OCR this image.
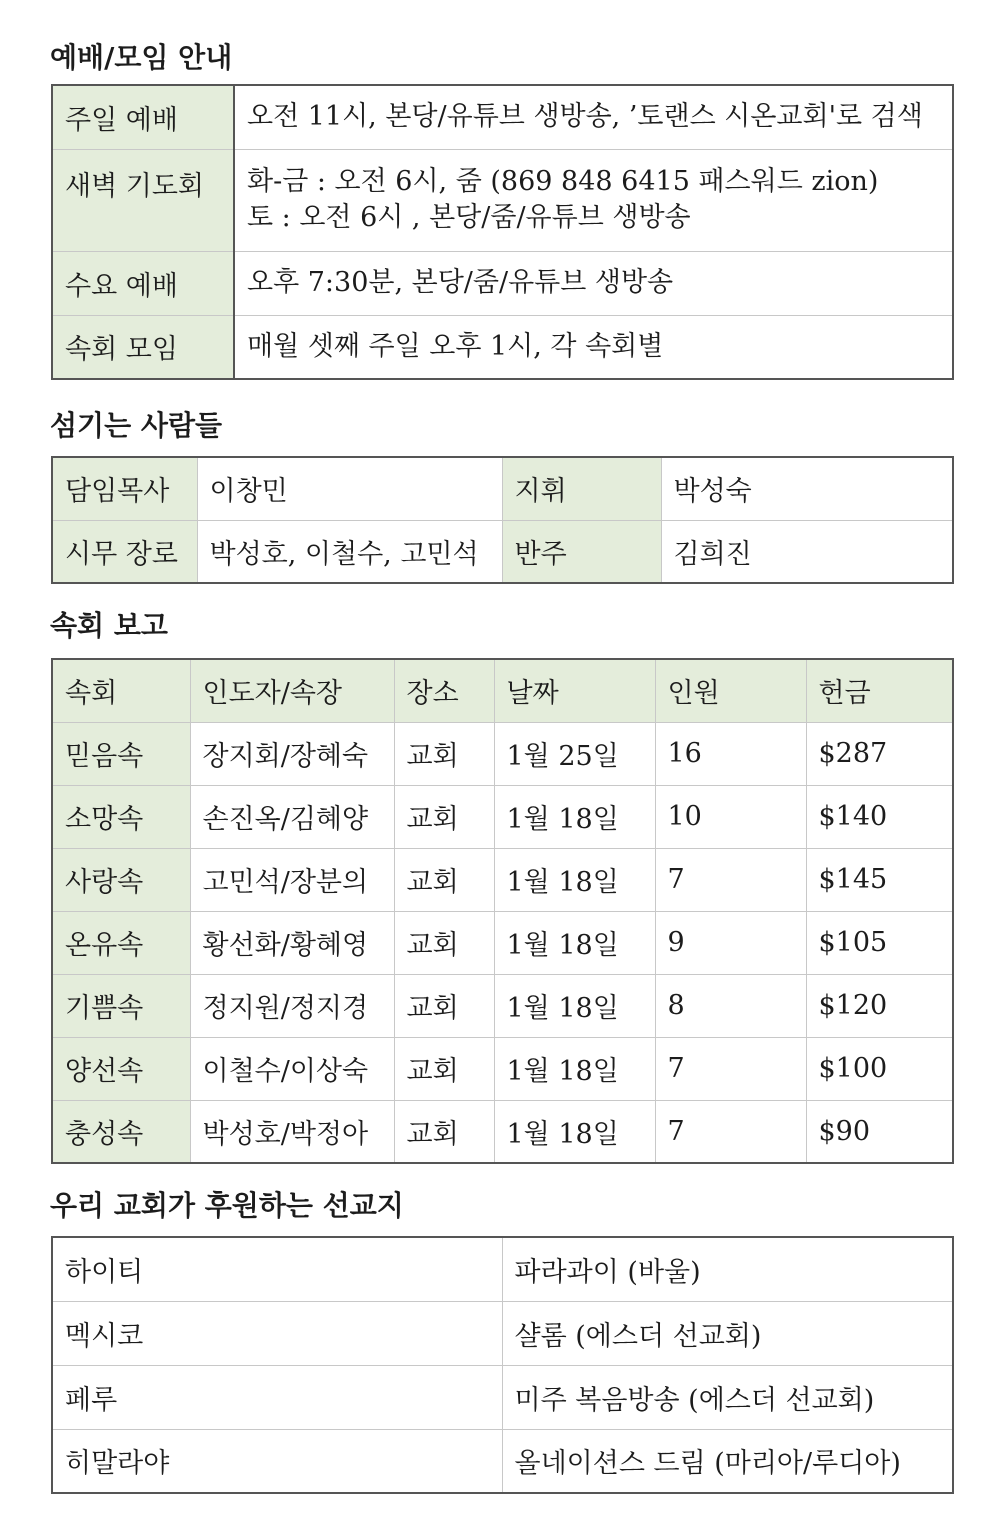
예배/모임 안내
주일 예배	오전 11시, 본당/유튜브 생방송, ’토랜스 시온교회'로 검색

새벽 기도회	화-금 : 오전 6시, 줌 (869 848 6415 패스워드 zion)
토 : 오전 6시 , 본당/줌/유튜브 생방송

수요 예배	오후 7:30분, 본당/줌/유튜브 생방송

속회 모임	매월 셋째 주일 오후 1시, 각 속회별
섬기는 사람들
담임목사	이창민	지휘	박성숙
시무 장로	박성호, 이철수, 고민석	반주	김희진
속회 보고
속회	인도자/속장	장소	날짜	인원	헌금
믿음속	장지회/장혜숙	교회	1월 25일	16	$287
소망속	손진옥/김혜양	교회	1월 18일	10	$140
사랑속	고민석/장분의	교회	1월 18일	7	$145
온유속	황선화/황혜영	교회	1월 18일	9	$105
기쁨속	정지원/정지경	교회	1월 18일	8	$120
양선속	이철수/이상숙	교회	1월 18일	7	$100
충성속	박성호/박정아	교회	1월 18일	7	$90
우리 교회가 후원하는 선교지
하이티	파라과이 (바울)
멕시코	샬롬 (에스더 선교회)
페루	미주 복음방송 (에스더 선교회)
히말라야	올네이션스 드림 (마리아/루디아)
